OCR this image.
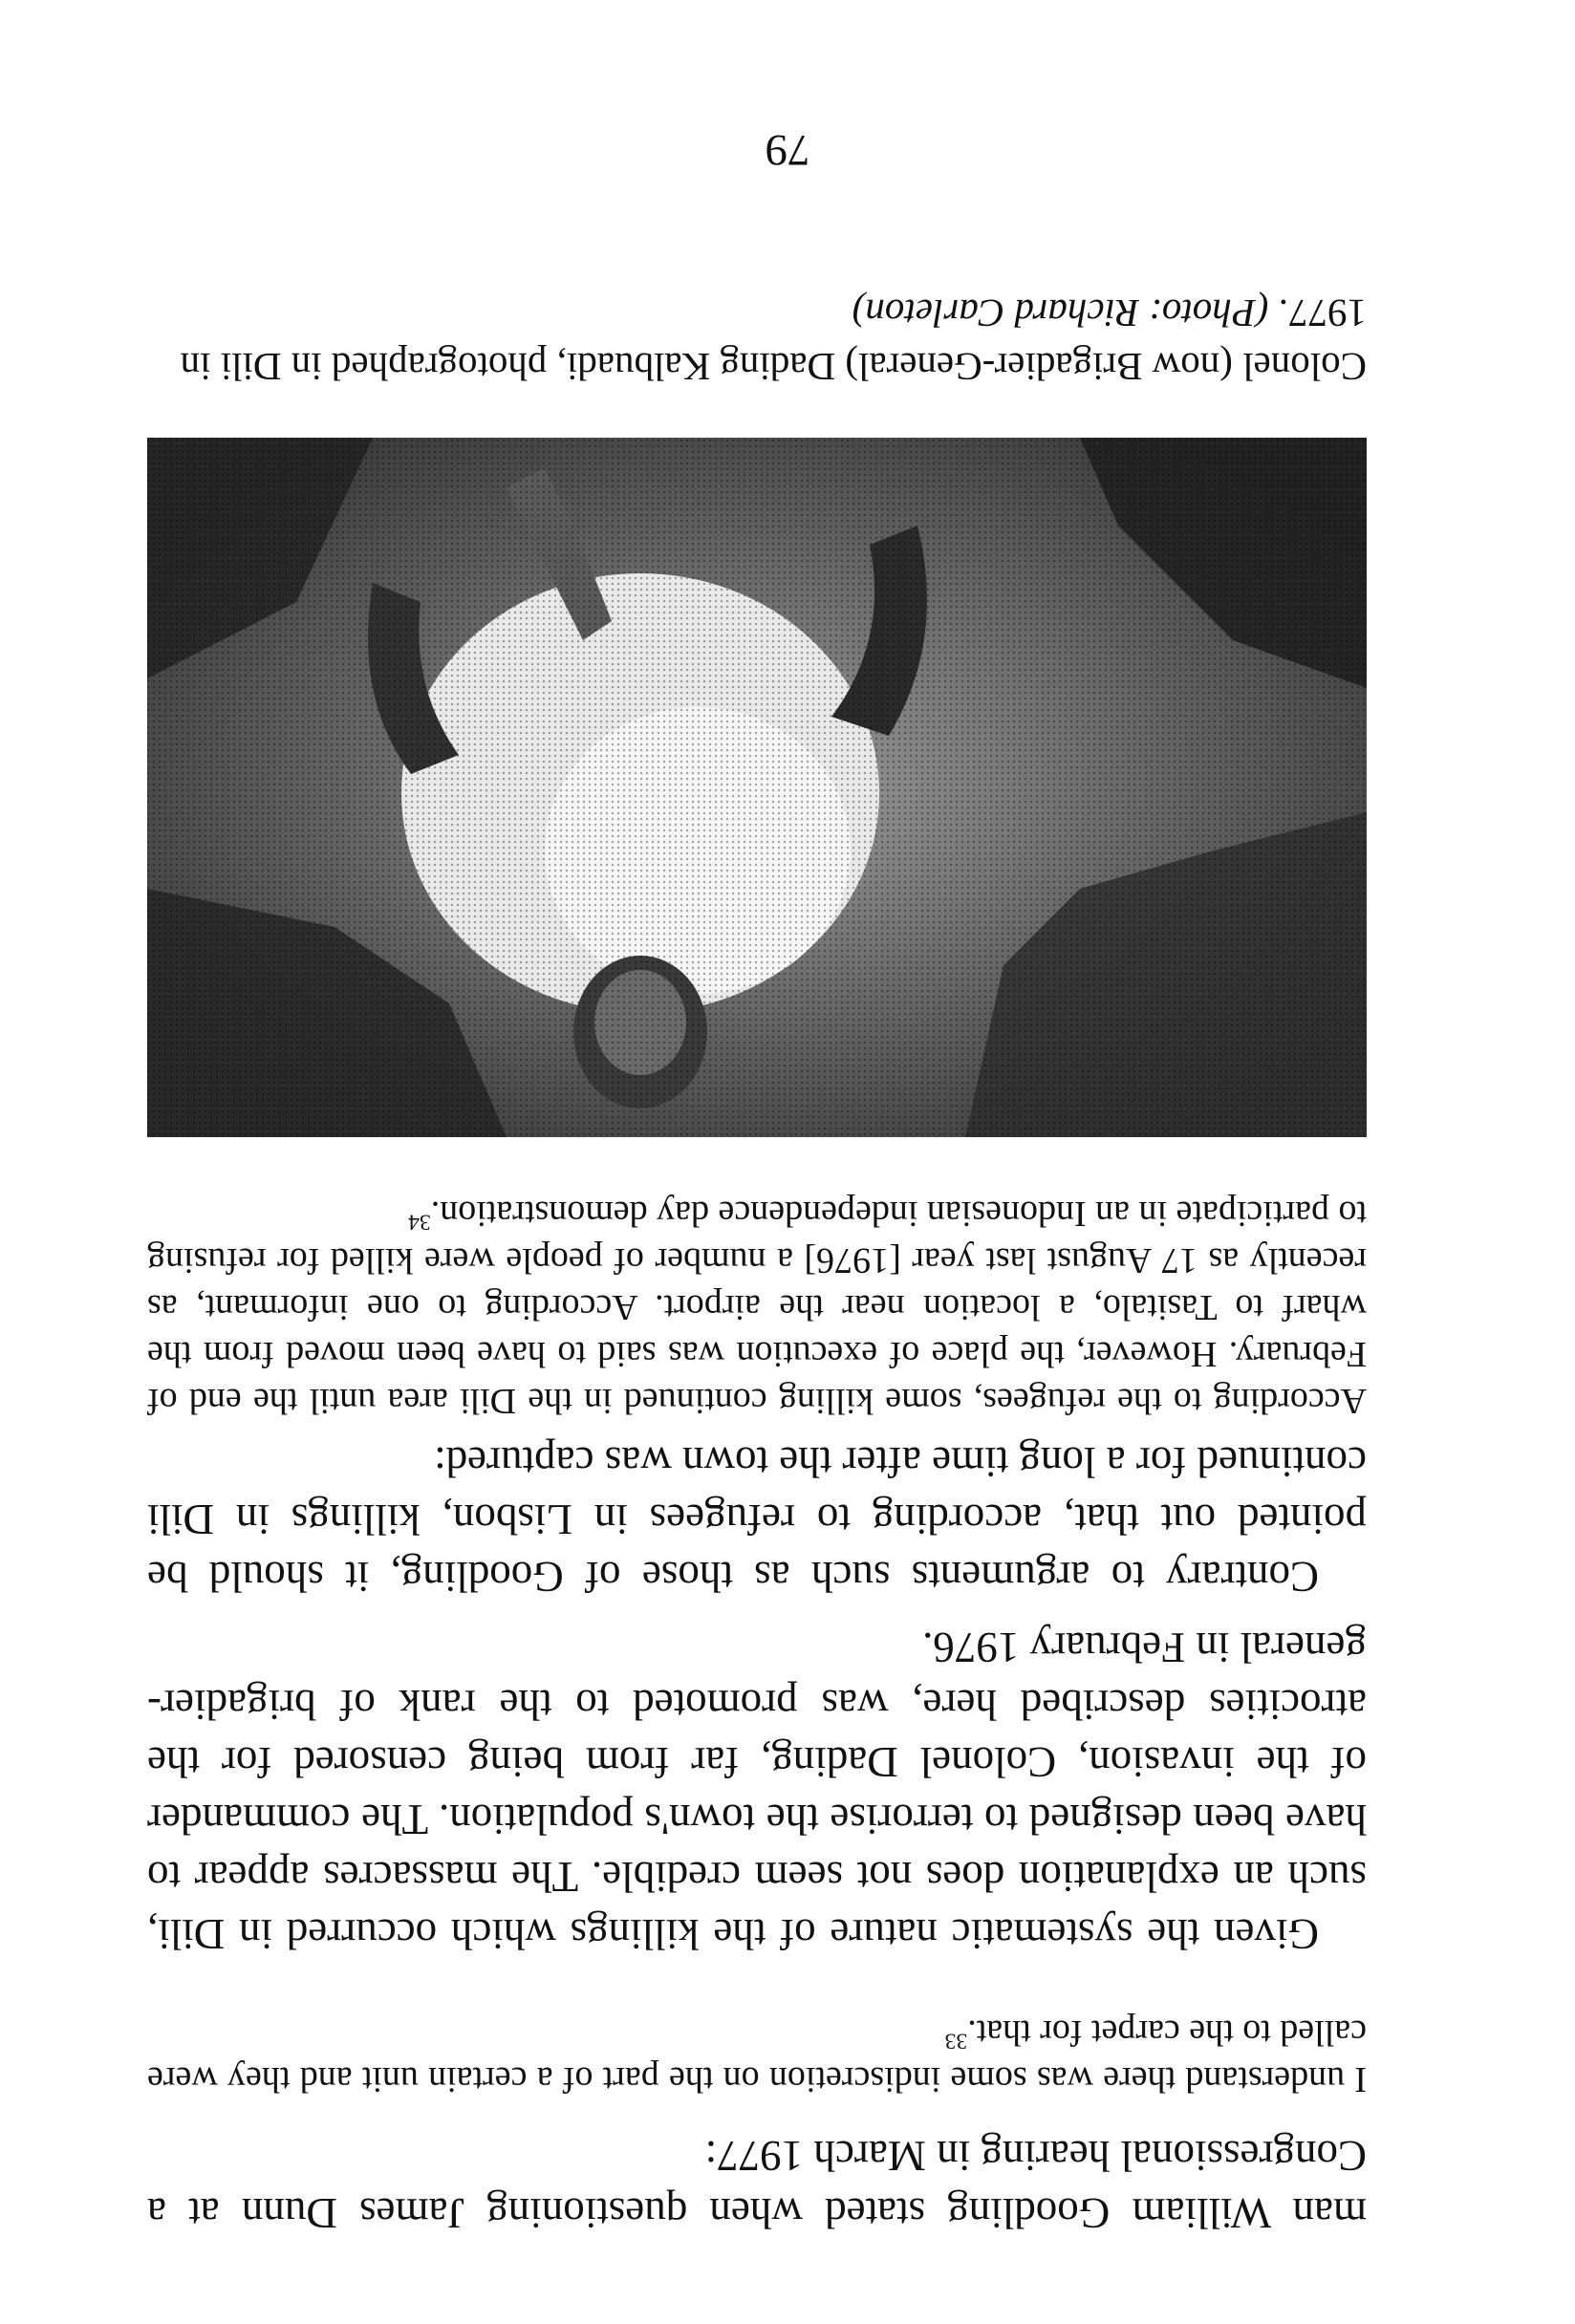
man William Goodling stated when questioning James Dunn at a Congressional hearing in March 1977:

I understand there was some indiscretion on the part of a certain unit and they were called to the carpet for that.$^{33}$

Given the systematic nature of the killings which occurred in Dili, such an explanation does not seem credible. The massacres appear to have been designed to terrorise the town's population. The commander of the invasion, Colonel Dading, far from being censored for the atrocities described here, was promoted to the rank of brigadier-general in February 1976.

Contrary to arguments such as those of Goodling, it should be pointed out that, according to refugees in Lisbon, killings in Dili continued for a long time after the town was captured:

According to the refugees, some killing continued in the Dili area until the end of February. However, the place of execution was said to have been moved from the wharf to Tasitalo, a location near the airport. According to one informant, as recently as 17 August last year [1976] a number of people were killed for refusing to participate in an Indonesian independence day demonstration.$^{34}$

Colonel (now Brigadier-General) Dading Kalbuadi, photographed in Dili in 1977. (Photo: Richard Carleton)

79
